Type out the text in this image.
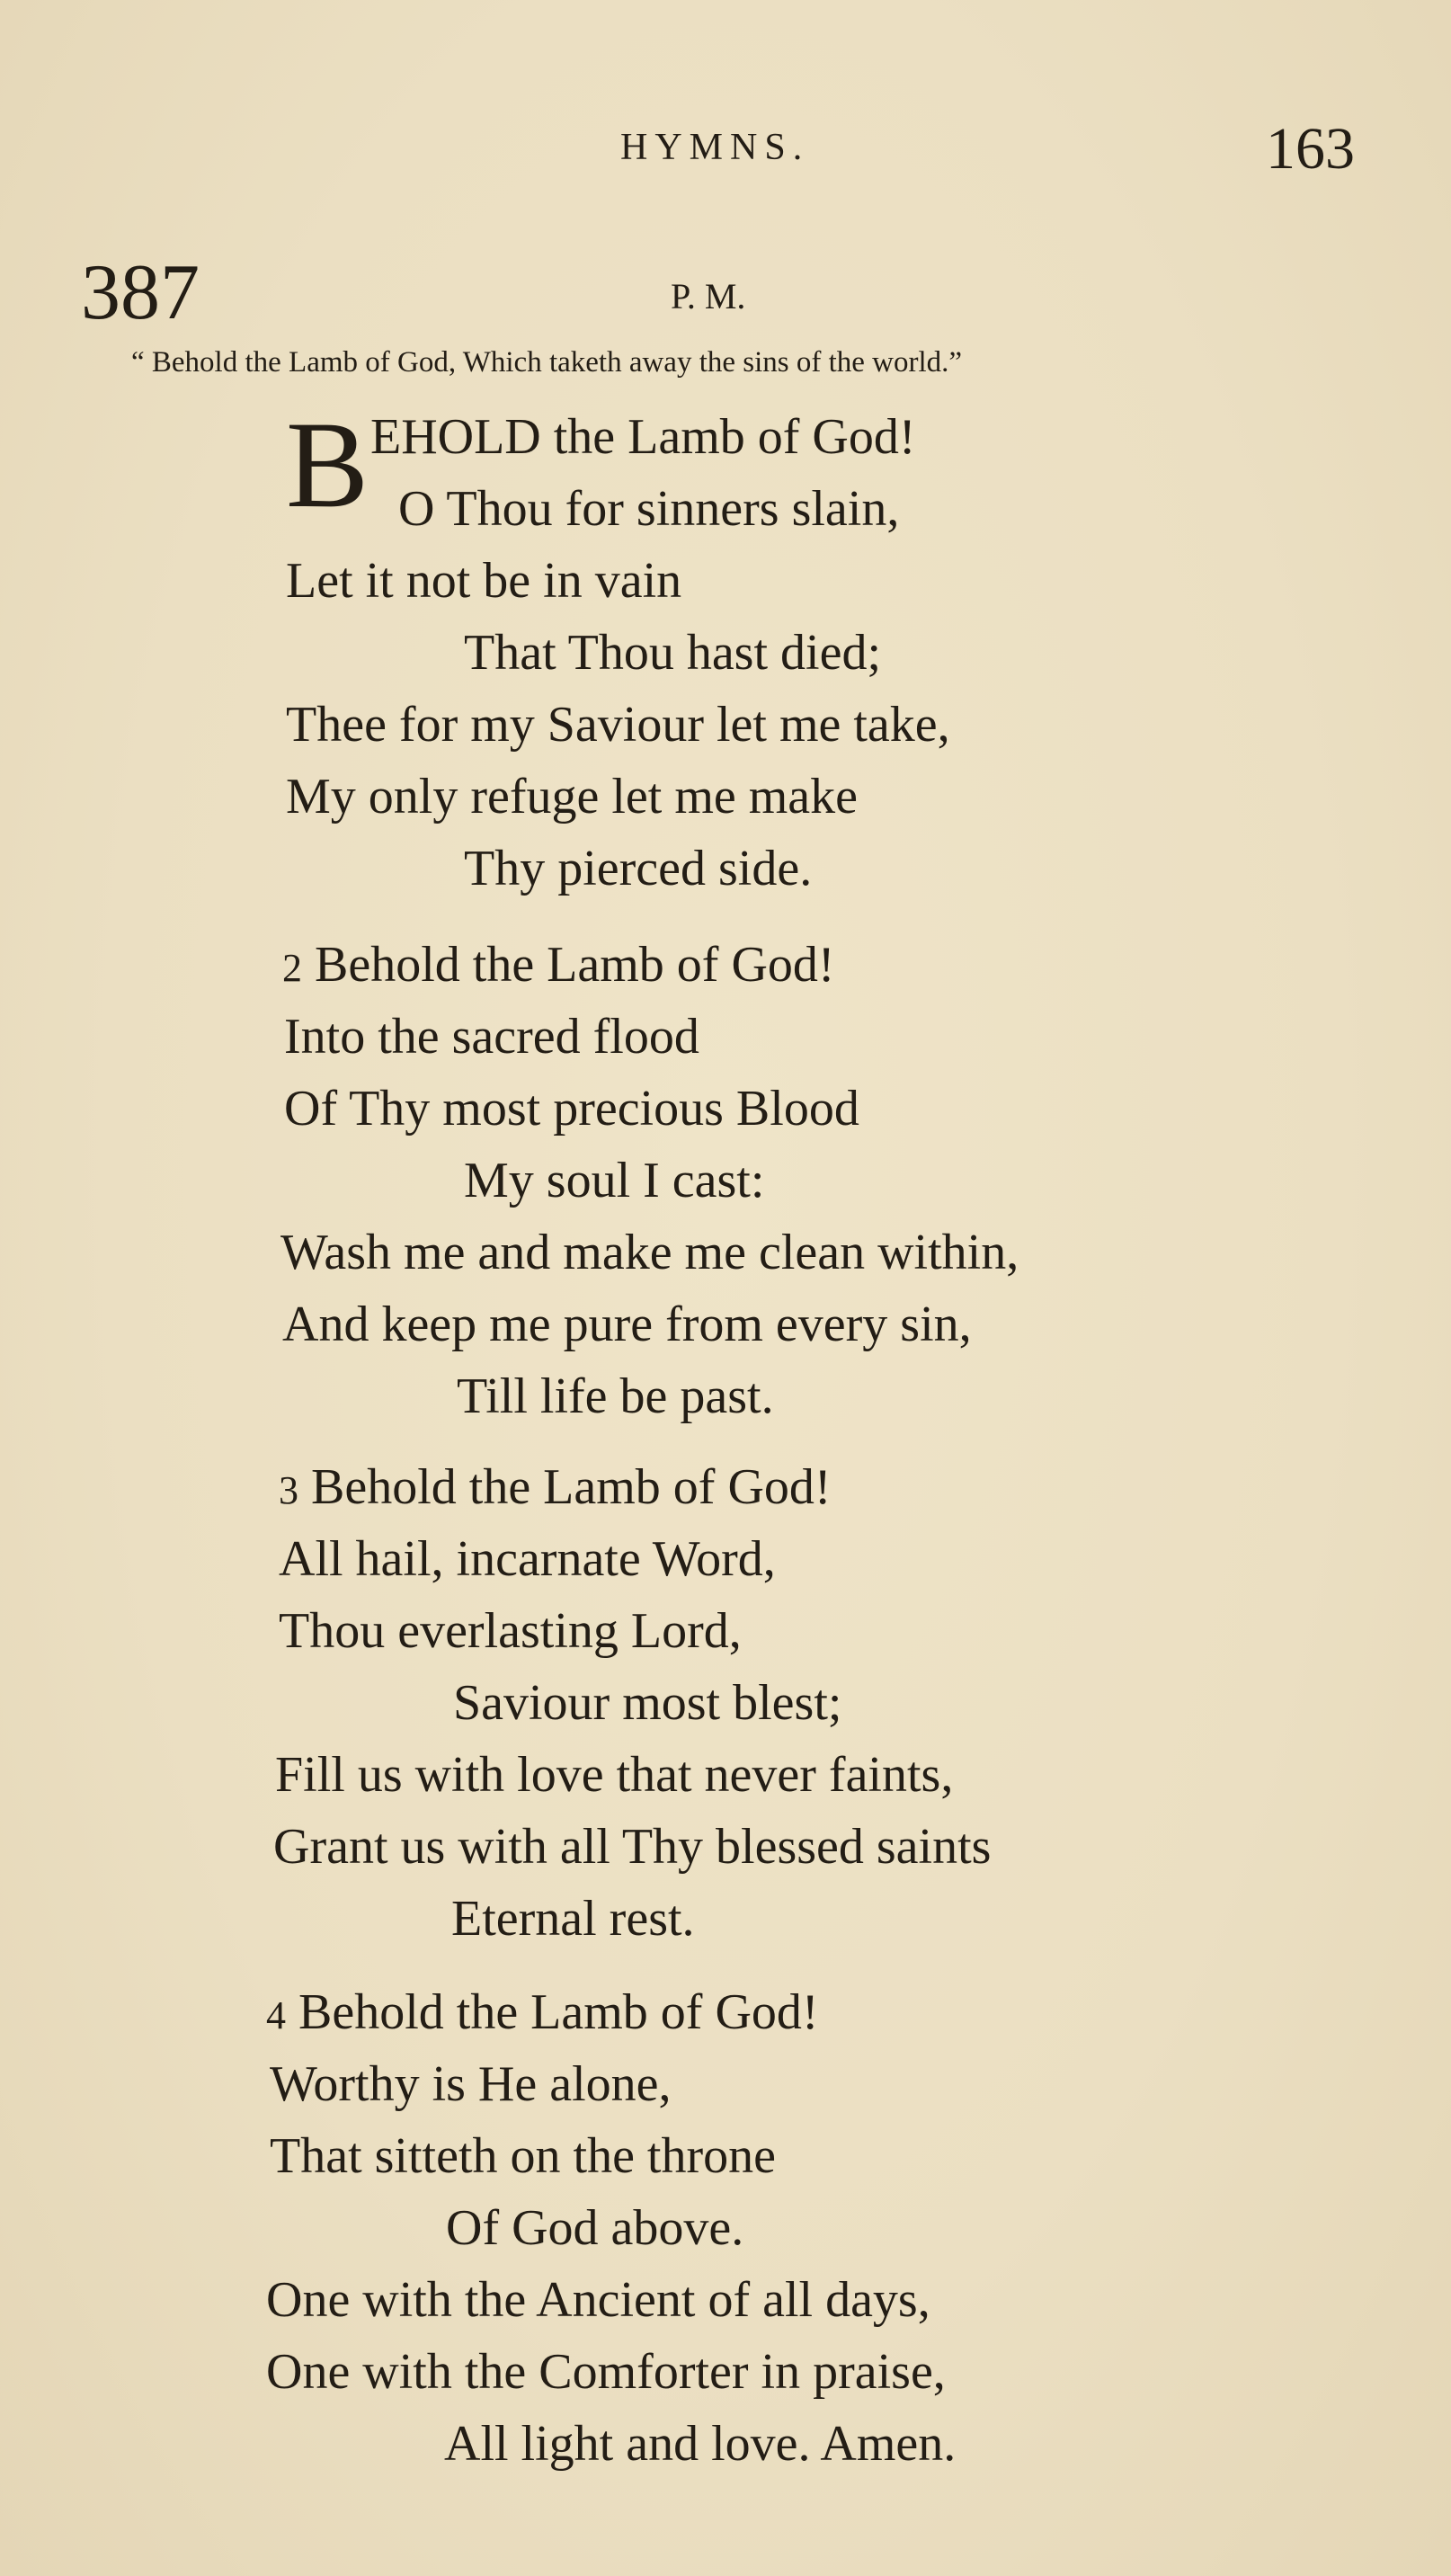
HYMNS.	163
387	P. M.
“ Behold the Lamb of God, Which taketh away the sins of the world.”
B EHOLD the Lamb of God!
O Thou for sinners slain,
Let it not be in vain
That Thou hast died;
Thee for my Saviour let me take,
My only refuge let me make
Thy pierced side.
2 Behold the Lamb of God!
Into the sacred flood
Of Thy most precious Blood
My soul I cast:
Wash me and make me clean within,
And keep me pure from every sin,
Till life be past.
3 Behold the Lamb of God!
All hail, incarnate Word,
Thou everlasting Lord,
Saviour most blest;
Fill us with love that never faints,
Grant us with all Thy blessed saints
Eternal rest.
4 Behold the Lamb of God!
Worthy is He alone,
That sitteth on the throne
Of God above.
One with the Ancient of all days,
One with the Comforter in praise,
All light and love. Amen.
